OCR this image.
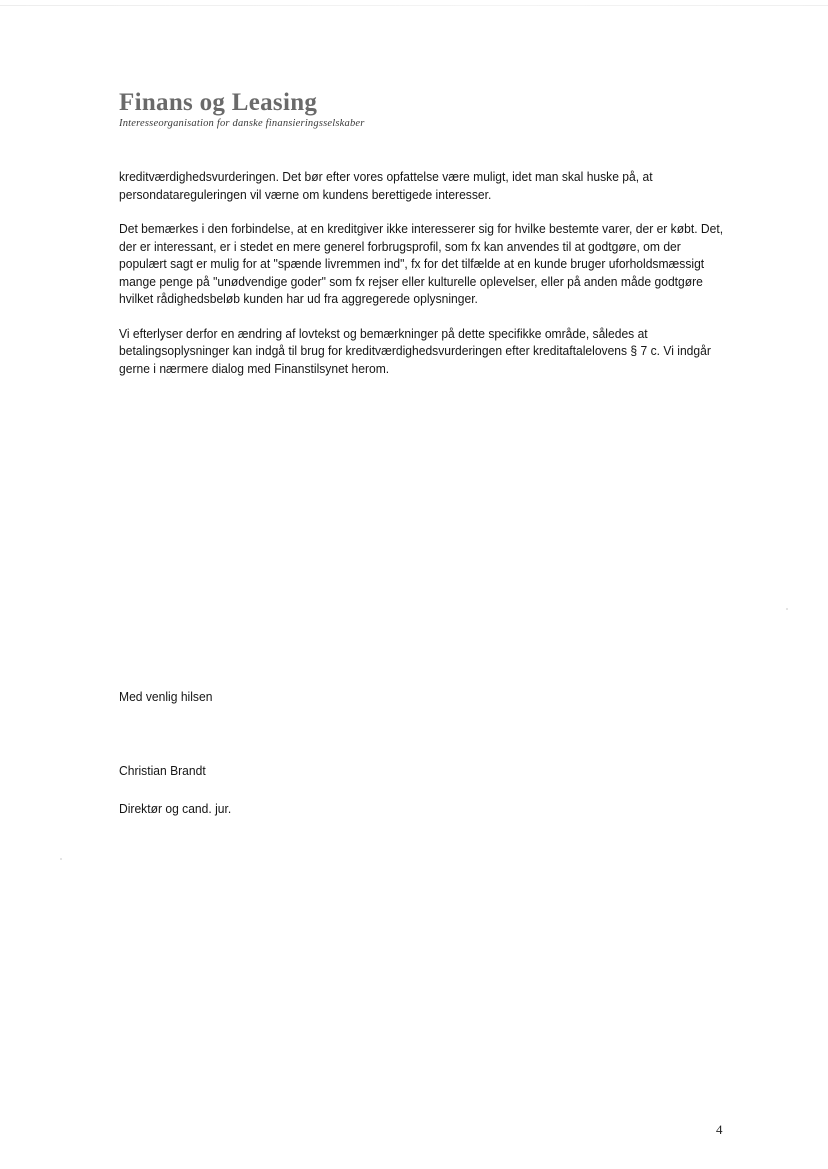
Finans og Leasing

Interesseorganisation for danske finansieringsselskaber

kreditværdighedsvurderingen. Det bør efter vores opfattelse være muligt, idet man skal huske på, at persondatareguleringen vil værne om kundens berettigede interesser.

Det bemærkes i den forbindelse, at en kreditgiver ikke interesserer sig for hvilke bestemte varer, der er købt. Det, der er interessant, er i stedet en mere generel forbrugsprofil, som fx kan anvendes til at godtgøre, om der populært sagt er mulig for at "spænde livremmen ind", fx for det tilfælde at en kunde bruger uforholdsmæssigt mange penge på "unødvendige goder" som fx rejser eller kulturelle oplevelser, eller på anden måde godtgøre hvilket rådighedsbeløb kunden har ud fra aggregerede oplysninger.

Vi efterlyser derfor en ændring af lovtekst og bemærkninger på dette specifikke område, således at betalingsoplysninger kan indgå til brug for kreditværdighedsvurderingen efter kreditaftalelovens § 7 c. Vi indgår gerne i nærmere dialog med Finanstilsynet herom.

Med venlig hilsen

Christian Brandt

Direktør og cand. jur.

4
